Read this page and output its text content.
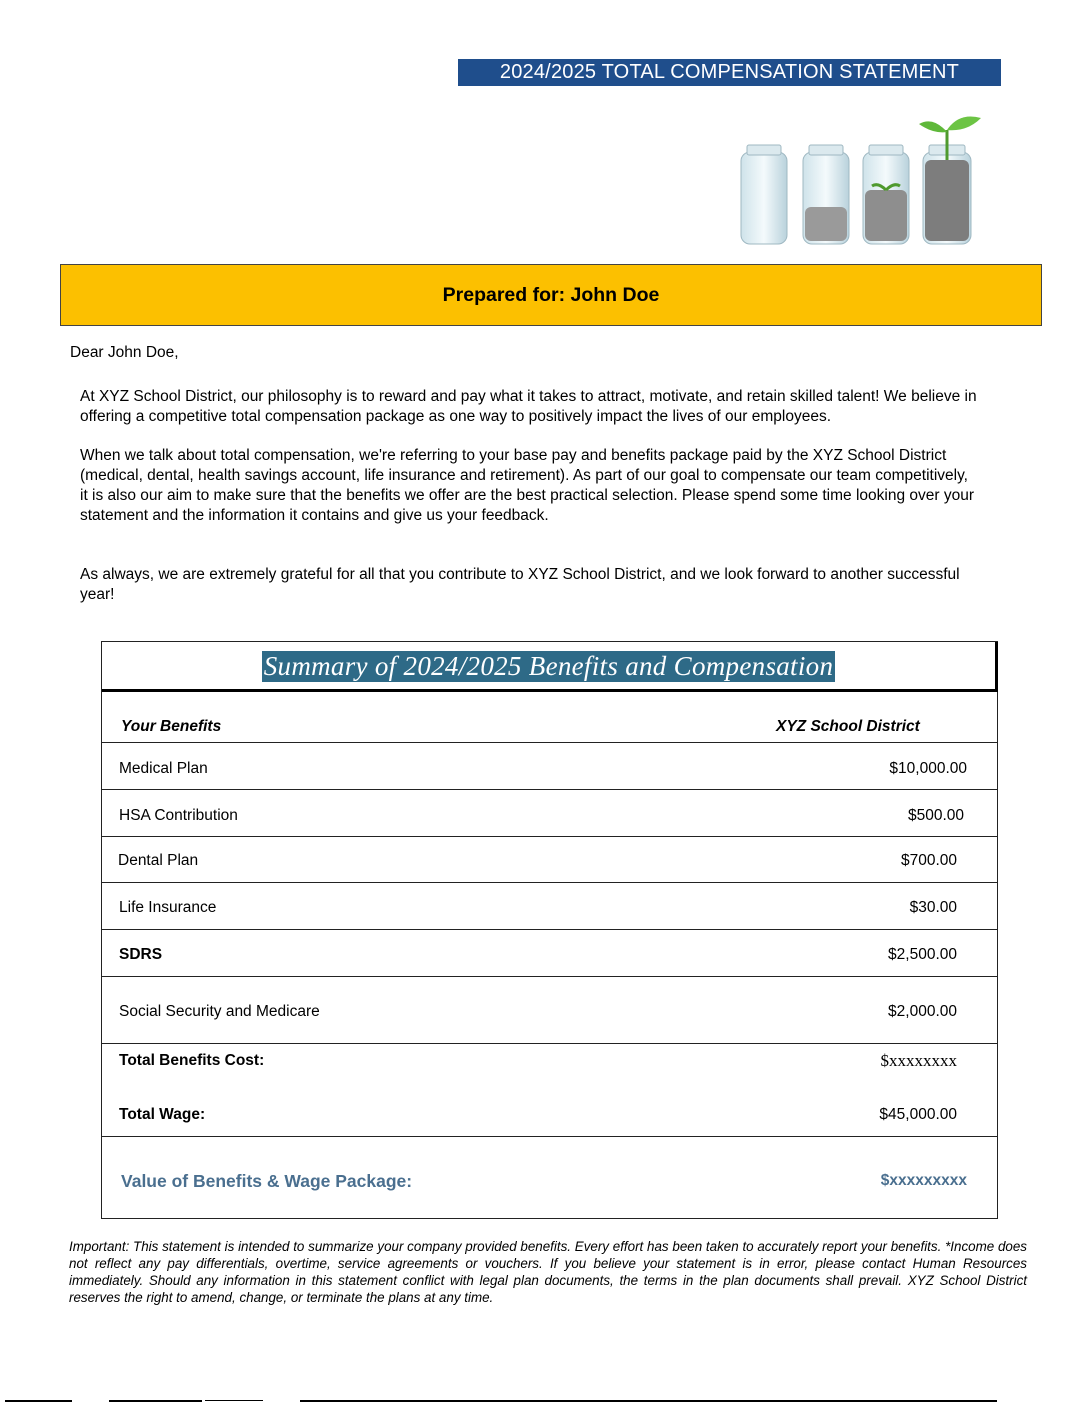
2024/2025 TOTAL COMPENSATION STATEMENT
Prepared for: John Doe
Dear John Doe,

At XYZ School District, our philosophy is to reward and pay what it takes to attract, motivate, and retain skilled talent! We believe in offering a competitive total compensation package as one way to positively impact the lives of our employees.

When we talk about total compensation, we're referring to your base pay and benefits package paid by the XYZ School District (medical, dental, health savings account, life insurance and retirement). As part of our goal to compensate our team competitively, it is also our aim to make sure that the benefits we offer are the best practical selection. Please spend some time looking over your statement and the information it contains and give us your feedback.

As always, we are extremely grateful for all that you contribute to XYZ School District, and we look forward to another successful year!

Summary of 2024/2025 Benefits and Compensation
Your Benefits	XYZ School District
Medical Plan	$10,000.00
HSA Contribution	$500.00
Dental Plan	$700.00
Life Insurance	$30.00
SDRS	$2,500.00
Social Security and Medicare	$2,000.00
Total Benefits Cost:	$xxxxxxxx
Total Wage:	$45,000.00
Value of Benefits & Wage Package:	$xxxxxxxxx

Important: This statement is intended to summarize your company provided benefits. Every effort has been taken to accurately report your benefits. *Income does not reflect any pay differentials, overtime, service agreements or vouchers. If you believe your statement is in error, please contact Human Resources immediately. Should any information in this statement conflict with legal plan documents, the terms in the plan documents shall prevail. XYZ School District reserves the right to amend, change, or terminate the plans at any time.
